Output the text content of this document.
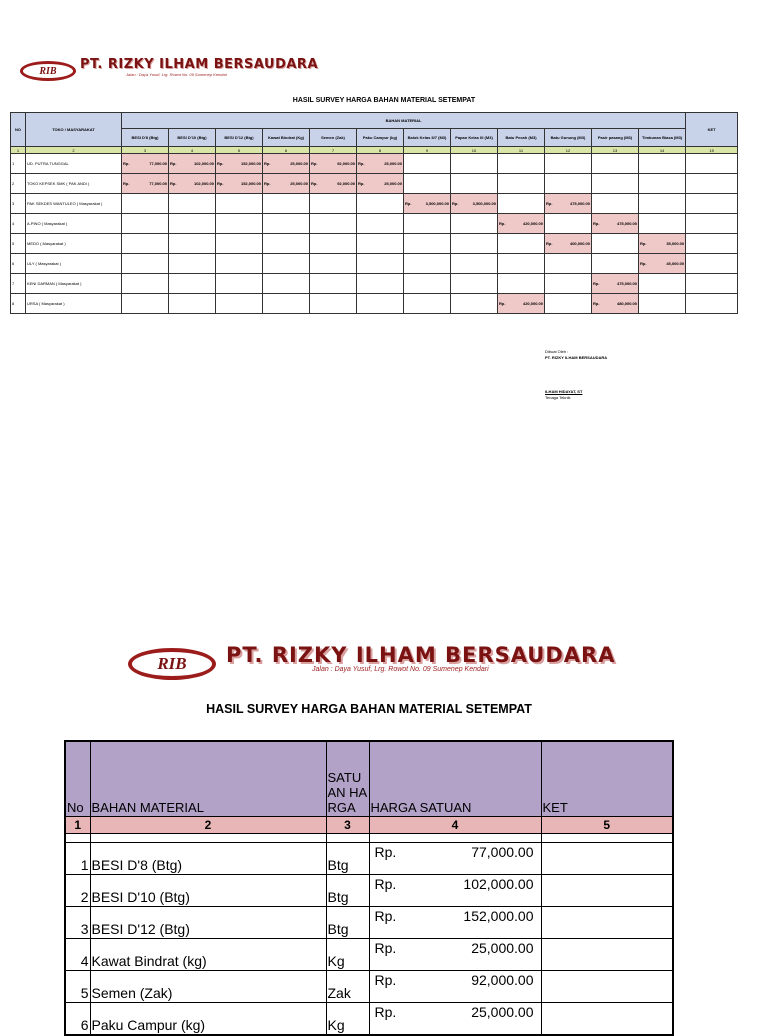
RIB PT. RIZKY ILHAM BERSAUDARA
Jalan : Daya Yusuf, Lrg. Rowot No. 09 Sumenep Kendari
HASIL SURVEY HARGA BAHAN MATERIAL SETEMPAT
NO	TOKO / MASYARAKAT	BAHAN MATERIAL												KET
		BESI D'8 (Btg)	BESI D'10 (Btg)	BESI D'12 (Btg)	Kawat Bindrat (Kg)	Semen (Zak)	Paku Campur (kg)	Balok Kelas II/7 (M3)	Papan Kelas III (M3)	Batu Pecah (M3)	Batu Gunung (M3)	Pasir pasang (M3)	Timbunan Biasa (M3)	
1	2	3	4	5	6	7	8	9	10	11	12	13	14	15
1	UD. PUTRA TUNGGAL	Rp. 77,000.00	Rp. 102,000.00	Rp. 152,000.00	Rp. 25,000.00	Rp. 92,000.00	Rp. 25,000.00							

2	TOKO KEPSEK SMK ( PAK ANDI )	Rp. 77,000.00	Rp. 102,000.00	Rp. 152,000.00	Rp. 25,000.00	Rp. 92,000.00	Rp. 25,000.00							

3	PAK SEKDES WANTULEO ( Masyarakat )							Rp. 3,500,000.00	Rp. 3,500,000.00		Rp. 475,000.00			

4	A.PINO ( Masyarakat )									Rp. 420,000.00		Rp. 475,000.00		

5	MEDO ( Masyarakat )										Rp. 400,000.00		Rp. 35,000.00	

6	ULY ( Masyarakat )												Rp. 45,000.00	

7	KENI DARMAN ( Masyarakat )											Rp. 475,000.00		

8	URSA ( Masyarakat )									Rp. 420,000.00		Rp. 480,000.00		

Dibuat Oleh :
PT. RIZKY ILHAM BERSAUDARA
ILHAM HIDAYAT, ST
Tenaga Teknik
RIB PT. RIZKY ILHAM BERSAUDARA
Jalan : Daya Yusuf, Lrg. Rowot No. 09 Sumenep Kendari
HASIL SURVEY HARGA BAHAN MATERIAL SETEMPAT
No	BAHAN MATERIAL	SATUAN HARGA	HARGA SATUAN	KET
1	2	3	4	5

1	BESI D'8 (Btg)	Btg	Rp. 77,000.00	

2	BESI D'10 (Btg)	Btg	Rp. 102,000.00	

3	BESI D'12 (Btg)	Btg	Rp. 152,000.00	

4	Kawat Bindrat (kg)	Kg	Rp. 25,000.00	

5	Semen (Zak)	Zak	Rp. 92,000.00	

6	Paku Campur (kg)	Kg	Rp. 25,000.00	
